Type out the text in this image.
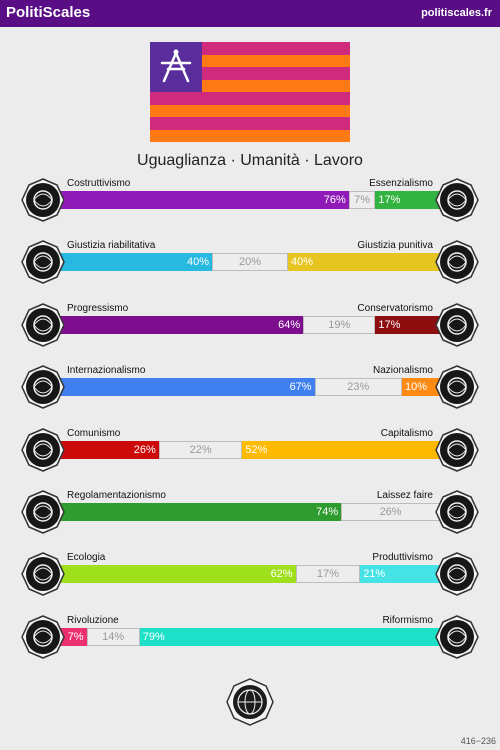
PolitiScales	politiscales.fr
Uguaglianza · Umanità · Lavoro
Costruttivismo	Essenzialismo
76% 7% 17%
Giustizia riabilitativa	Giustizia punitiva
40%	20%	40%
Progressismo	Conservatorismo
64%	19%	17%
Internazionalismo	Nazionalismo
67%	23%	10%
Comunismo	Capitalismo
26%	22%	52%
Regolamentazionismo	Laissez faire
74%	26%
Ecologia	Produttivismo
62%	17%	21%
Rivoluzione	Riformismo
7%	14%	79%
416−236
